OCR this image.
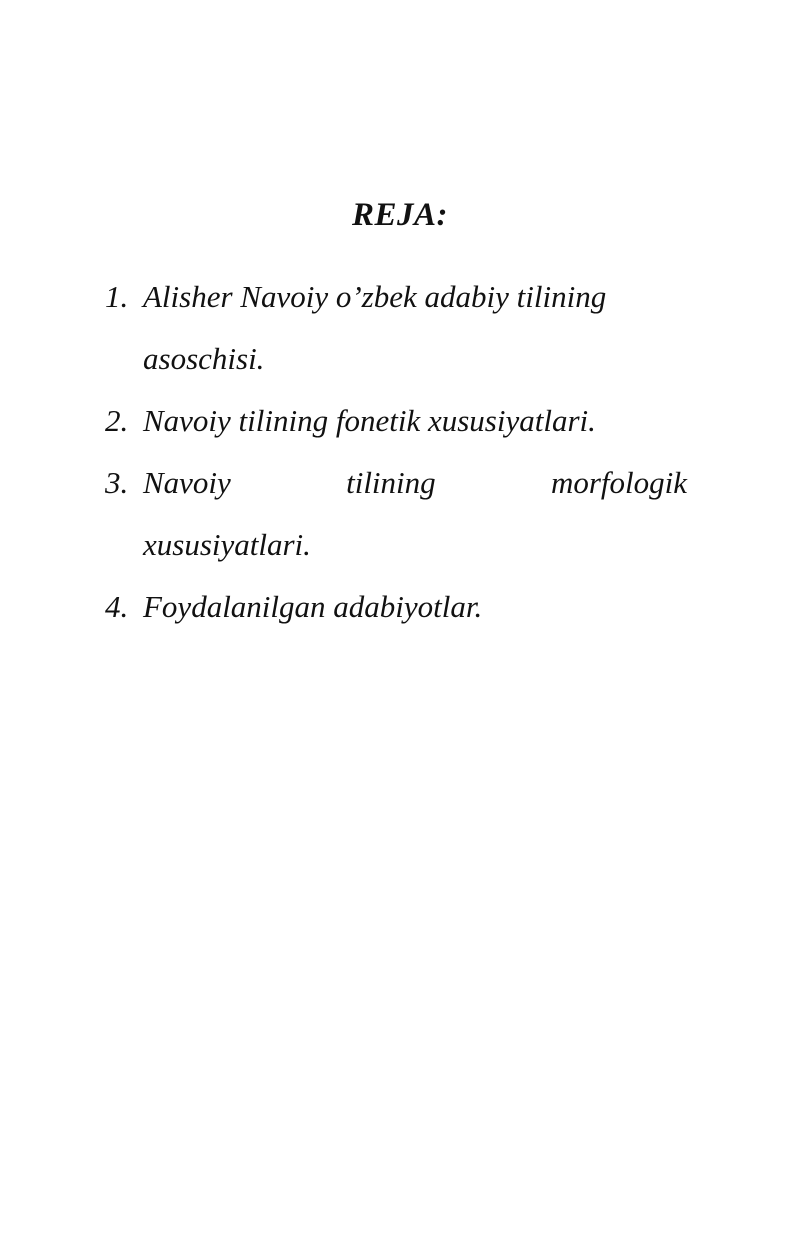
REJA:
1. Alisher Navoiy o’zbek adabiy tilining
asoschisi.
2. Navoiy tilining fonetik xususiyatlari.
3. Navoiy tilining morfologik
xususiyatlari.
4. Foydalanilgan adabiyotlar.
